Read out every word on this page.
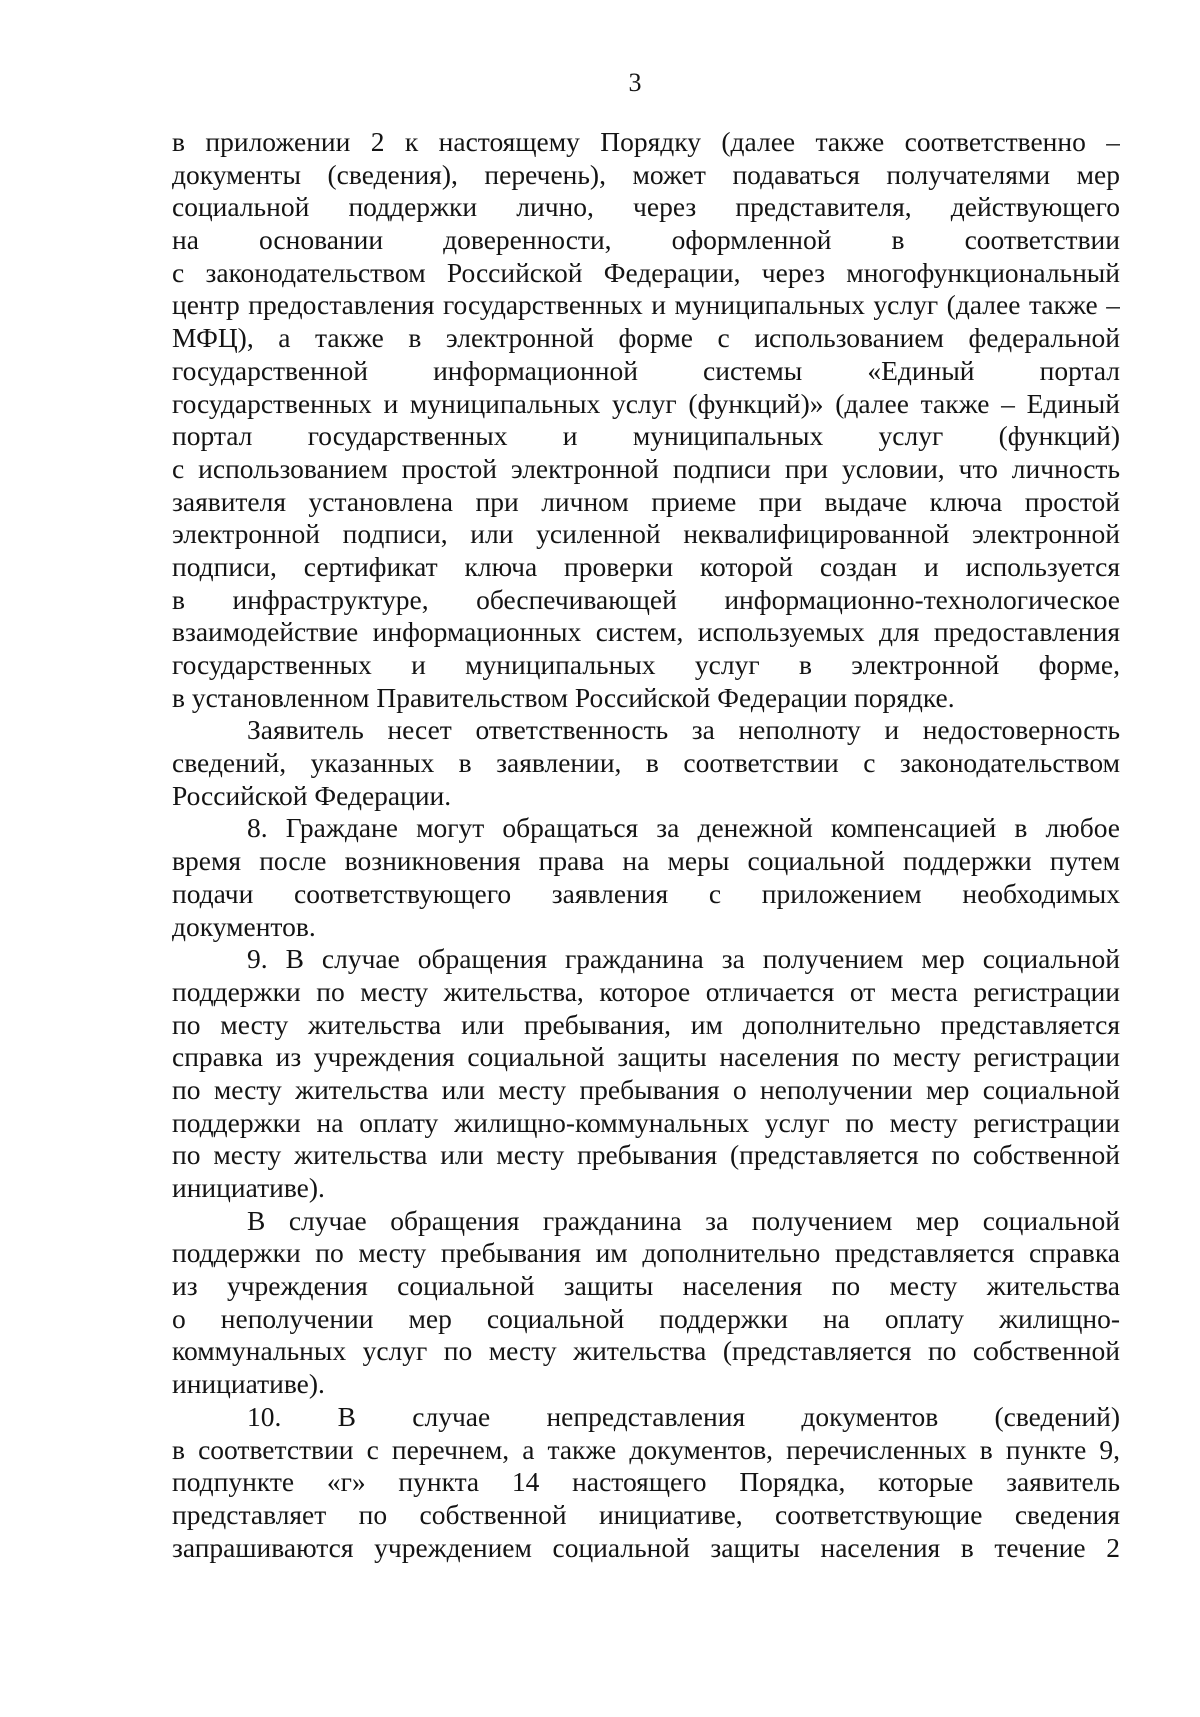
3
в приложении 2 к настоящему Порядку (далее также соответственно –
документы (сведения), перечень), может подаваться получателями мер
социальной поддержки лично, через представителя, действующего
на основании доверенности, оформленной в соответствии
с законодательством Российской Федерации, через многофункциональный
центр предоставления государственных и муниципальных услуг (далее также –
МФЦ), а также в электронной форме с использованием федеральной
государственной информационной системы «Единый портал
государственных и муниципальных услуг (функций)» (далее также – Единый
портал государственных и муниципальных услуг (функций)
с использованием простой электронной подписи при условии, что личность
заявителя установлена при личном приеме при выдаче ключа простой
электронной подписи, или усиленной неквалифицированной электронной
подписи, сертификат ключа проверки которой создан и используется
в инфраструктуре, обеспечивающей информационно-технологическое
взаимодействие информационных систем, используемых для предоставления
государственных и муниципальных услуг в электронной форме,
в установленном Правительством Российской Федерации порядке.
Заявитель несет ответственность за неполноту и недостоверность
сведений, указанных в заявлении, в соответствии с законодательством
Российской Федерации.
8. Граждане могут обращаться за денежной компенсацией в любое
время после возникновения права на меры социальной поддержки путем
подачи соответствующего заявления с приложением необходимых
документов.
9. В случае обращения гражданина за получением мер социальной
поддержки по месту жительства, которое отличается от места регистрации
по месту жительства или пребывания, им дополнительно представляется
справка из учреждения социальной защиты населения по месту регистрации
по месту жительства или месту пребывания о неполучении мер социальной
поддержки на оплату жилищно-коммунальных услуг по месту регистрации
по месту жительства или месту пребывания (представляется по собственной
инициативе).
В случае обращения гражданина за получением мер социальной
поддержки по месту пребывания им дополнительно представляется справка
из учреждения социальной защиты населения по месту жительства
о неполучении мер социальной поддержки на оплату жилищно-
коммунальных услуг по месту жительства (представляется по собственной
инициативе).
10. В случае непредставления документов (сведений)
в соответствии с перечнем, а также документов, перечисленных в пункте 9,
подпункте «г» пункта 14 настоящего Порядка, которые заявитель
представляет по собственной инициативе, соответствующие сведения
запрашиваются учреждением социальной защиты населения в течение 2
